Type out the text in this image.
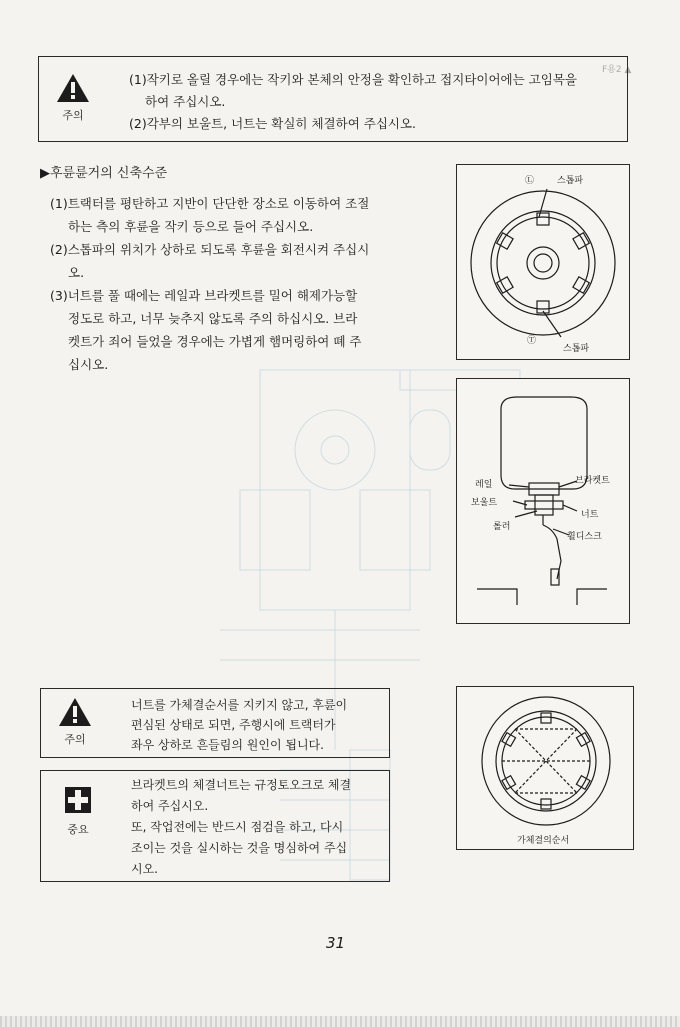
F용2 ▲
주의
(1)작키로 올릴 경우에는 작키와 본체의 안정을 확인하고 접지타이어에는 고임목을
하여 주십시오.
(2)각부의 보울트, 너트는 확실히 체결하여 주십시오.
▶후륜륜거의 신축수준

(1)트랙터를 평탄하고 지반이 단단한 장소로 이동하여 조절

하는 측의 후륜을 작키 등으로 들어 주십시오.

(2)스톱파의 위치가 상하로 되도록 후륜을 회전시켜 주십시

오.

(3)너트를 풀 때에는 레일과 브라켓트를 밀어 해제가능할

정도로 하고, 너무 늦추지 않도록 주의 하십시오. 브라

켓트가 죄어 들었을 경우에는 가볍게 햄머링하여 뗴 주

십시오.

Ⓛ	스톱파
Ⓣ
스톱파
레일	브라켓트
보울트
너트
롤러
휠디스크
가체결의순서
주의
너트를 가체결순서를 지키지 않고, 후륜이
편심된 상태로 되면, 주행시에 트랙터가
좌우 상하로 흔들림의 원인이 됩니다.
중요
브라켓트의 체결너트는 규정토오크로 체결
하여 주십시오.
또, 작업전에는 반드시 점검을 하고, 다시
조이는 것을 실시하는 것을 명심하여 주십
시오.
31
